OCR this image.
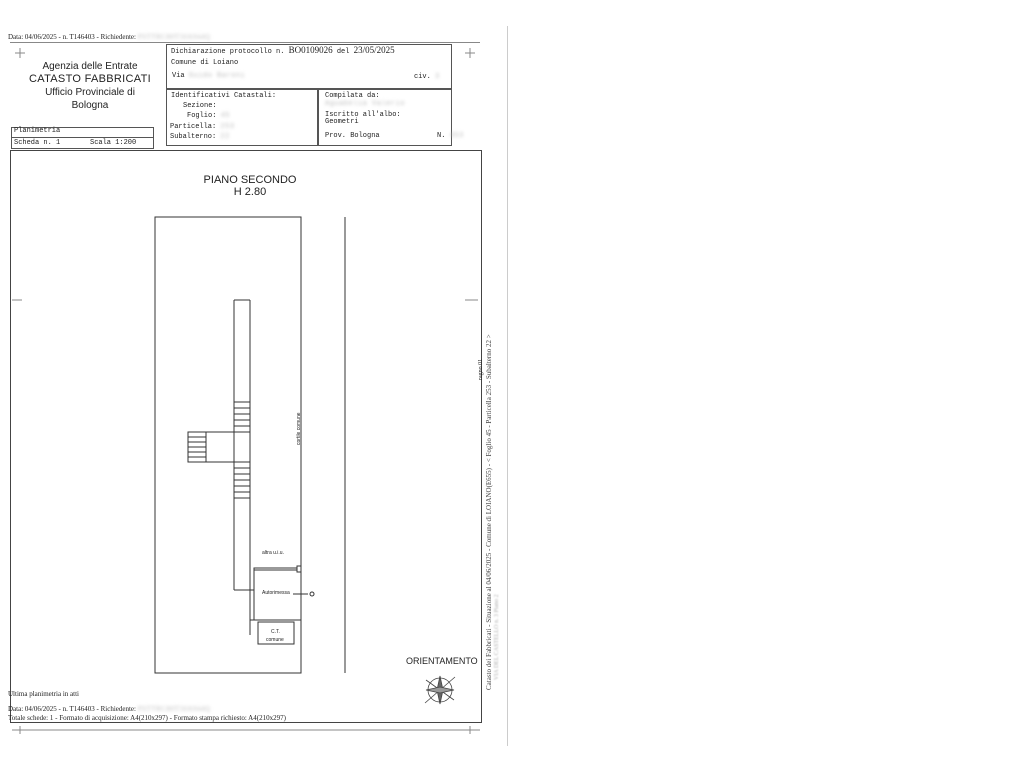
Data: 04/06/2025 - n. T146403 - Richiedente: PSTTRC80T50A944Q
Agenzia delle Entrate
CATASTO FABBRICATI
Ufficio Provinciale di
Bologna
Dichiarazione protocollo n. BO0109026 del 23/05/2025
Comune di Loiano
Via Guido Baroni	civ. 3
Identificativi Catastali:
Sezione:
Foglio: 45
Particella: 253
Subalterno: 22
Compilata da:
Aguabelia Valerio
Iscritto all'albo:
Geometri
Prov. Bologna	N. 453
Planimetria
Scheda n. 1	Scala 1:200
PIANO SECONDO
H 2.80
cortile comune
altra u.i.u.
Autorimessa
C.T.
comune
ORIENTAMENTO
ragno 01 Catasto dei Fabbricati - Situazione al 04/06/2025 - Comune di LOIANO(E655) - < Foglio 45 - Particella 253 - Subalterno 22 > VIA DEL CASTELLO n. 3 Piano 2
Ultima planimetria in atti
Data: 04/06/2025 - n. T146403 - Richiedente: PSTTRC80T50A944Q
Totale schede: 1 - Formato di acquisizione: A4(210x297) - Formato stampa richiesto: A4(210x297)
